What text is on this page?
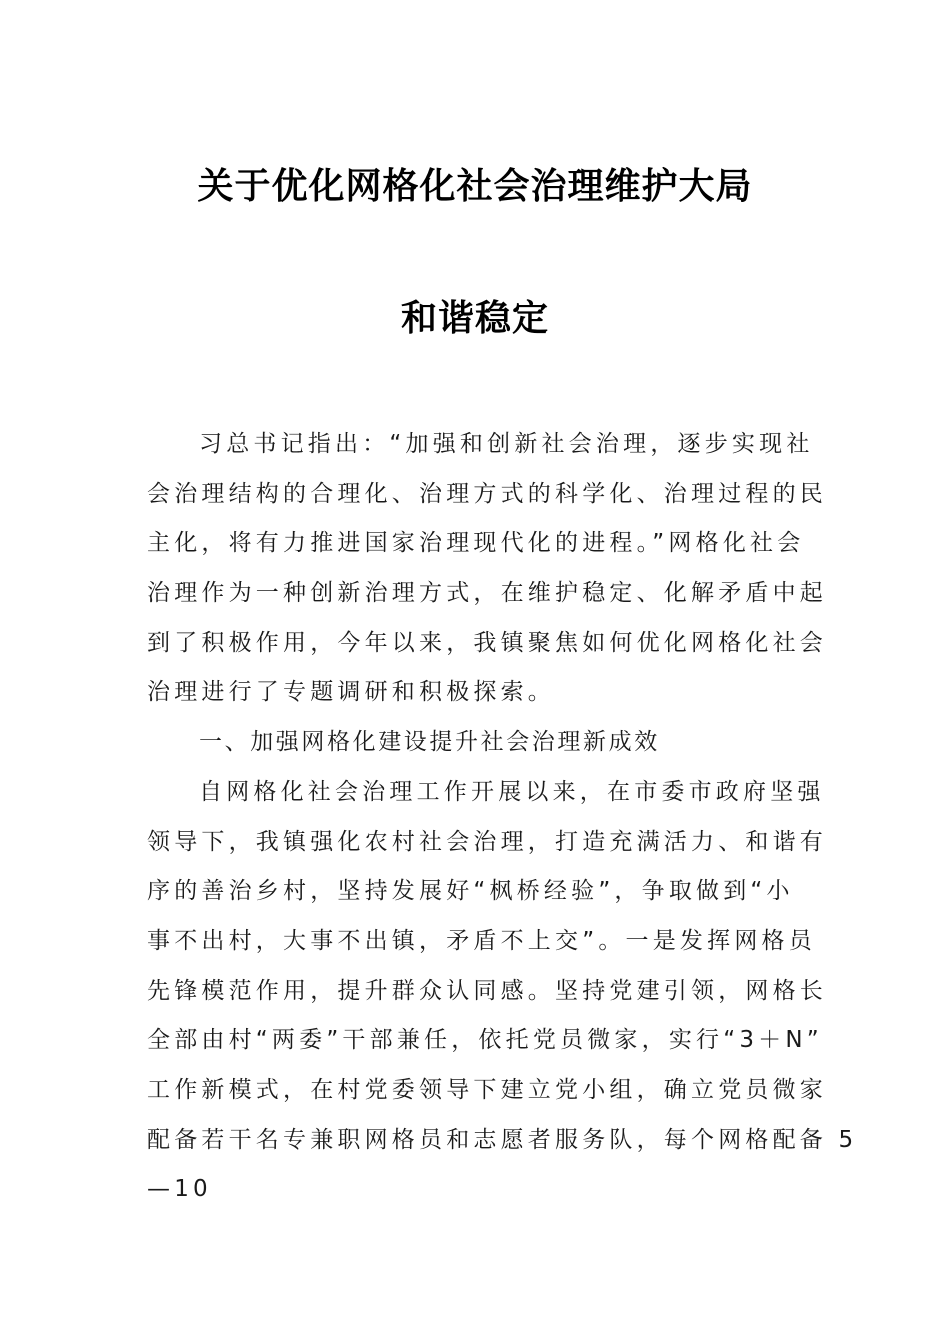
关于优化网格化社会治理维护大局
和谐稳定
习总书记指出：“加强和创新社会治理，逐步实现社
会治理结构的合理化、治理方式的科学化、治理过程的民
主化，将有力推进国家治理现代化的进程。”网格化社会
治理作为一种创新治理方式，在维护稳定、化解矛盾中起
到了积极作用，今年以来，我镇聚焦如何优化网格化社会
治理进行了专题调研和积极探索。
一、加强网格化建设提升社会治理新成效
自网格化社会治理工作开展以来，在市委市政府坚强
领导下，我镇强化农村社会治理，打造充满活力、和谐有
序的善治乡村，坚持发展好“枫桥经验”，争取做到“小
事不出村，大事不出镇，矛盾不上交”。一是发挥网格员
先锋模范作用，提升群众认同感。坚持党建引领，网格长
全部由村“两委”干部兼任，依托党员微家，实行“3＋N”
工作新模式，在村党委领导下建立党小组，确立党员微家
配备若干名专兼职网格员和志愿者服务队，每个网格配备 5
—10
